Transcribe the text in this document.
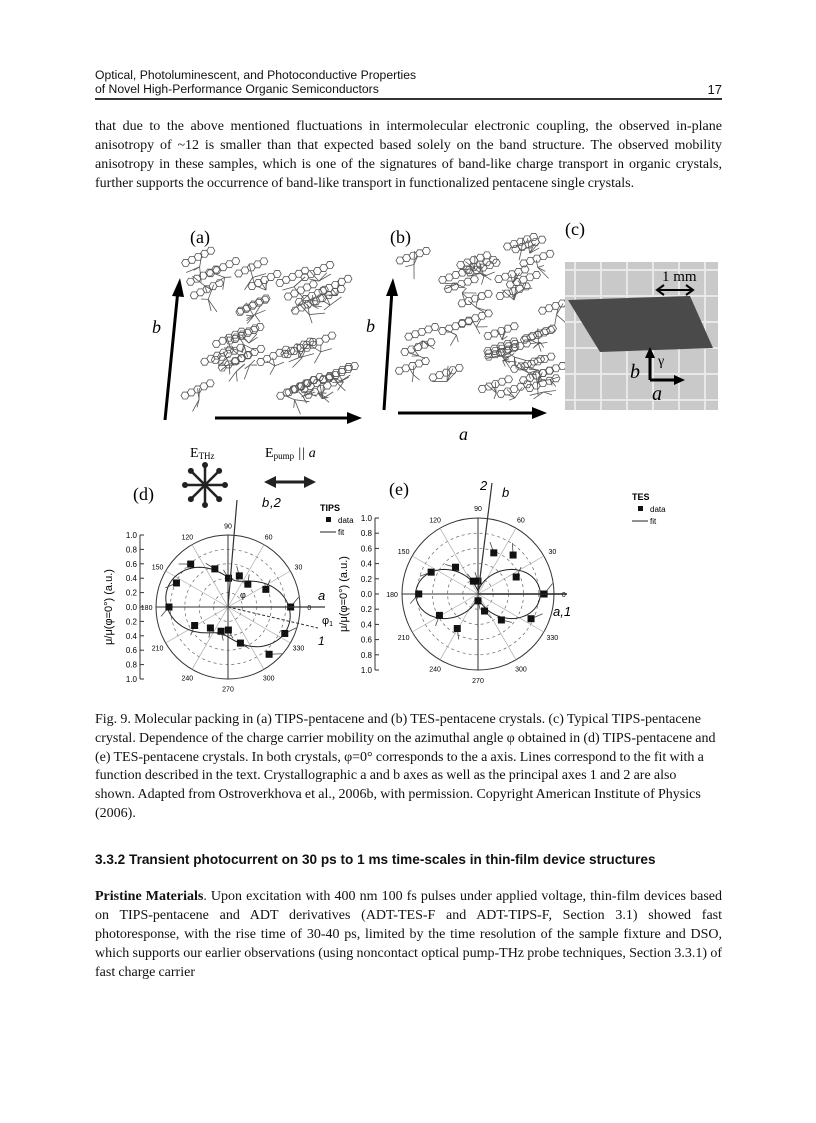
Optical, Photoluminescent, and Photoconductive Properties
of Novel High-Performance Organic Semiconductors	17

that due to the above mentioned fluctuations in intermolecular electronic coupling, the observed in-plane anisotropy of ~12 is smaller than that expected based solely on the band structure. The observed mobility anisotropy in these samples, which is one of the signatures of band-like charge transport in organic crystals, further supports the occurrence of band-like transport in functionalized pentacene single crystals.

(a)	(b)	(c)
(d)	(e)
b	b
a
1 mm
b
a
γ
ETHz	Epump || a
0
30
60
90
120
150
180
210
240
270
300
330
1.0
0.8
0.6
0.4
0.2
0.0
0.2
0.4
0.6
0.8
1.0
μ/μ(φ=0°) (a.u.)
TIPS
data
fit
a
b ,2
1
φ1
φ	0
30
60
90
120
150
180
210
240
270
300
330
1.0
0.8
0.6
0.4
0.2
0.0
0.2
0.4
0.6
0.8
1.0
μ/μ(φ=0°) (a.u.)
TES
data
fit
a,1
b
2

Fig. 9. Molecular packing in (a) TIPS-pentacene and (b) TES-pentacene crystals. (c) Typical TIPS-pentacene crystal. Dependence of the charge carrier mobility on the azimuthal angle φ obtained in (d) TIPS-pentacene and (e) TES-pentacene crystals. In both crystals, φ=0° corresponds to the a axis. Lines correspond to the fit with a function described in the text. Crystallographic a and b axes as well as the principal axes 1 and 2 are also shown. Adapted from Ostroverkhova et al., 2006b, with permission. Copyright American Institute of Physics (2006).

3.3.2 Transient photocurrent on 30 ps to 1 ms time-scales in thin-film device structures

Pristine Materials. Upon excitation with 400 nm 100 fs pulses under applied voltage, thin-film devices based on TIPS-pentacene and ADT derivatives (ADT-TES-F and ADT-TIPS-F, Section 3.1) showed fast photoresponse, with the rise time of 30-40 ps, limited by the time resolution of the sample fixture and DSO, which supports our earlier observations (using noncontact optical pump-THz probe techniques, Section 3.3.1) of fast charge carrier
